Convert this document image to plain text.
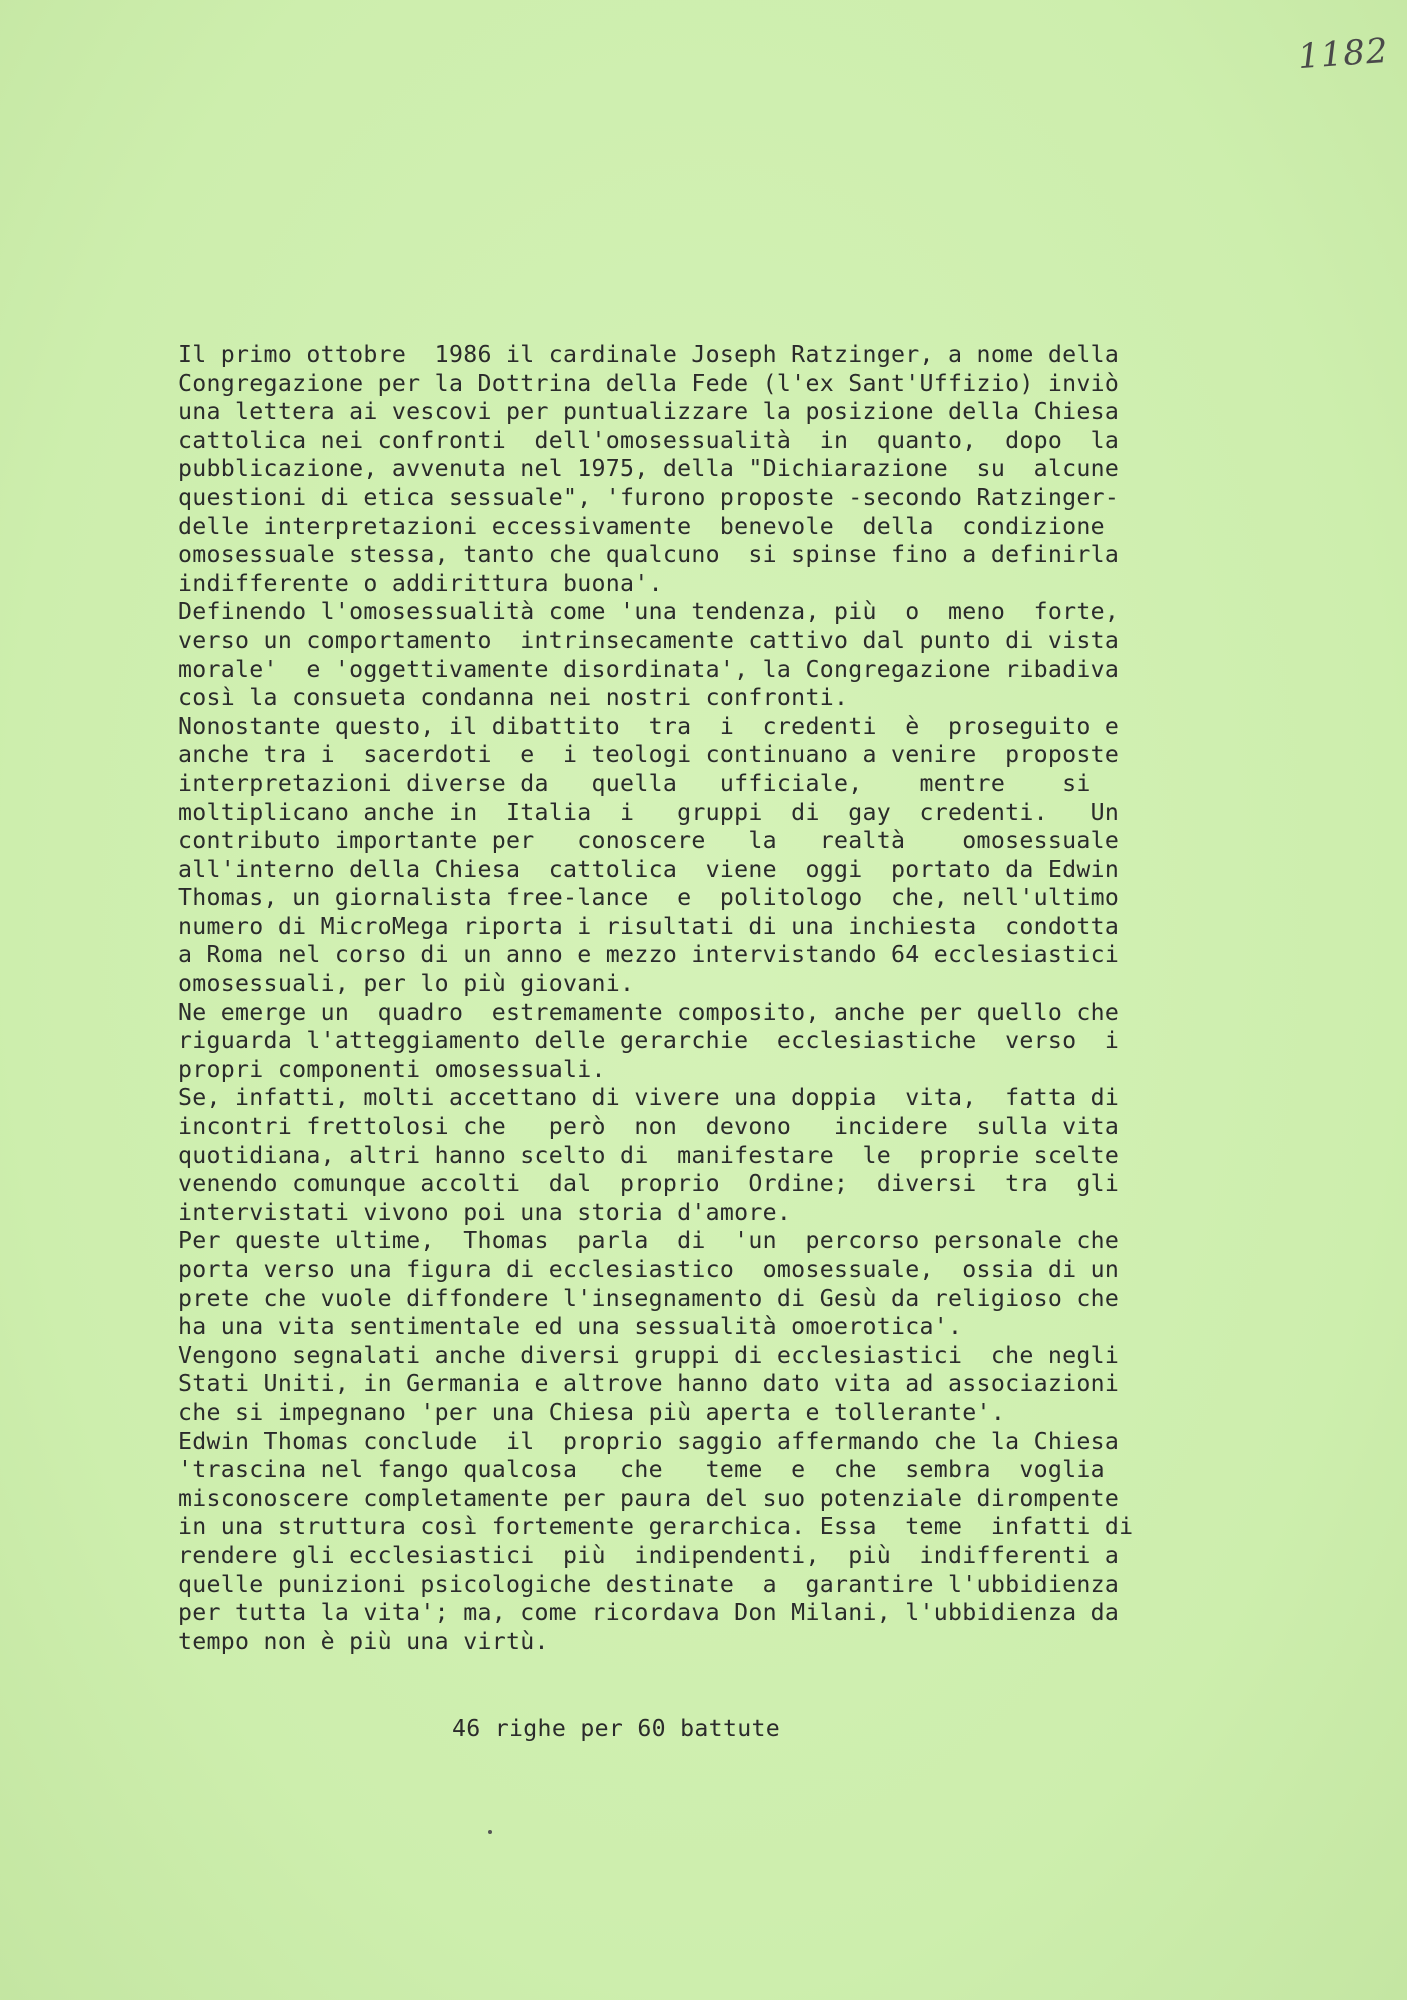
1182
Il primo ottobre  1986 il cardinale Joseph Ratzinger, a nome della
Congregazione per la Dottrina della Fede (l'ex Sant'Uffizio) inviò
una lettera ai vescovi per puntualizzare la posizione della Chiesa
cattolica nei confronti  dell'omosessualità  in  quanto,  dopo  la
pubblicazione, avvenuta nel 1975, della "Dichiarazione  su  alcune
questioni di etica sessuale", 'furono proposte -secondo Ratzinger-
delle interpretazioni eccessivamente  benevole  della  condizione
omosessuale stessa, tanto che qualcuno  si spinse fino a definirla
indifferente o addirittura buona'.
Definendo l'omosessualità come 'una tendenza, più  o  meno  forte,
verso un comportamento  intrinsecamente cattivo dal punto di vista
morale'  e 'oggettivamente disordinata', la Congregazione ribadiva
così la consueta condanna nei nostri confronti.
Nonostante questo, il dibattito  tra  i  credenti  è  proseguito e
anche tra i  sacerdoti  e  i teologi continuano a venire  proposte
interpretazioni diverse da   quella   ufficiale,    mentre    si
moltiplicano anche in  Italia  i   gruppi  di  gay  credenti.   Un
contributo importante per   conoscere   la   realtà    omosessuale
all'interno della Chiesa  cattolica  viene  oggi  portato da Edwin
Thomas, un giornalista free-lance  e  politologo  che, nell'ultimo
numero di MicroMega riporta i risultati di una inchiesta  condotta
a Roma nel corso di un anno e mezzo intervistando 64 ecclesiastici
omosessuali, per lo più giovani.
Ne emerge un  quadro  estremamente composito, anche per quello che
riguarda l'atteggiamento delle gerarchie  ecclesiastiche  verso  i
propri componenti omosessuali.
Se, infatti, molti accettano di vivere una doppia  vita,  fatta di
incontri frettolosi che   però  non  devono   incidere  sulla vita
quotidiana, altri hanno scelto di  manifestare  le  proprie scelte
venendo comunque accolti  dal  proprio  Ordine;  diversi  tra  gli
intervistati vivono poi una storia d'amore.
Per queste ultime,  Thomas  parla  di  'un  percorso personale che
porta verso una figura di ecclesiastico  omosessuale,  ossia di un
prete che vuole diffondere l'insegnamento di Gesù da religioso che
ha una vita sentimentale ed una sessualità omoerotica'.
Vengono segnalati anche diversi gruppi di ecclesiastici  che negli
Stati Uniti, in Germania e altrove hanno dato vita ad associazioni
che si impegnano 'per una Chiesa più aperta e tollerante'.
Edwin Thomas conclude  il  proprio saggio affermando che la Chiesa
'trascina nel fango qualcosa   che   teme  e  che  sembra  voglia
misconoscere completamente per paura del suo potenziale dirompente
in una struttura così fortemente gerarchica. Essa  teme  infatti di
rendere gli ecclesiastici  più  indipendenti,  più  indifferenti a
quelle punizioni psicologiche destinate  a  garantire l'ubbidienza
per tutta la vita'; ma, come ricordava Don Milani, l'ubbidienza da
tempo non è più una virtù.
46 righe per 60 battute
